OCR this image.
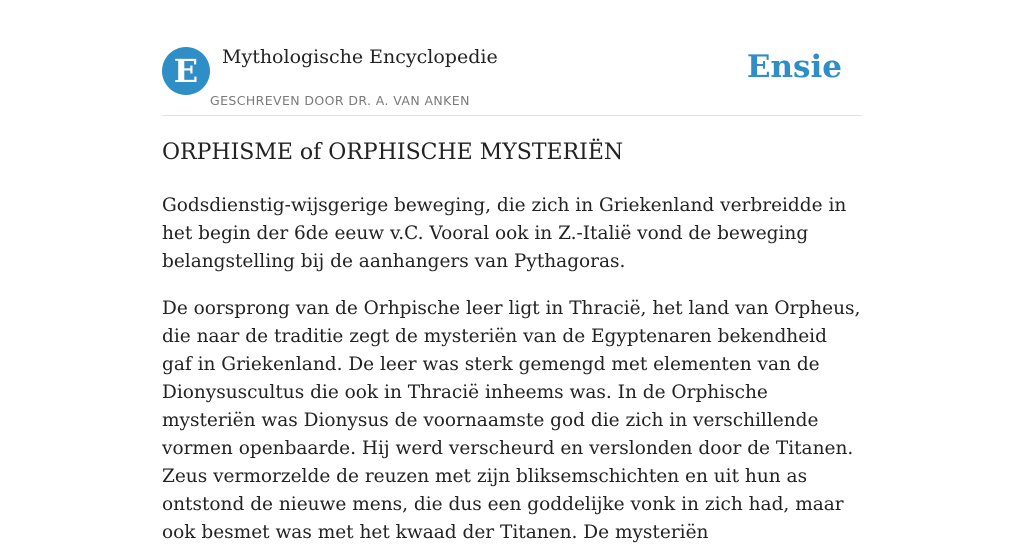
E	Mythologische Encyclopedie
GESCHREVEN DOOR DR. A. VAN ANKEN
Ensie
ORPHISME of ORPHISCHE MYSTERIËN

Godsdienstig-wijsgerige beweging, die zich in Griekenland verbreidde in het begin der 6de eeuw v.C. Vooral ook in Z.-Italië vond de beweging belangstelling bij de aanhangers van Pythagoras.

De oorsprong van de Orhpische leer ligt in Thracië, het land van Orpheus, die naar de traditie zegt de mysteriën van de Egyptenaren bekendheid gaf in Griekenland. De leer was sterk gemengd met elementen van de Dionysuscultus die ook in Thracië inheems was. In de Orphische mysteriën was Dionysus de voornaamste god die zich in verschillende vormen openbaarde. Hij werd verscheurd en verslonden door de Titanen. Zeus vermorzelde de reuzen met zijn bliksemschichten en uit hun as ontstond de nieuwe mens, die dus een goddelijke vonk in zich had, maar ook besmet was met het kwaad der Titanen. De mysteriën
